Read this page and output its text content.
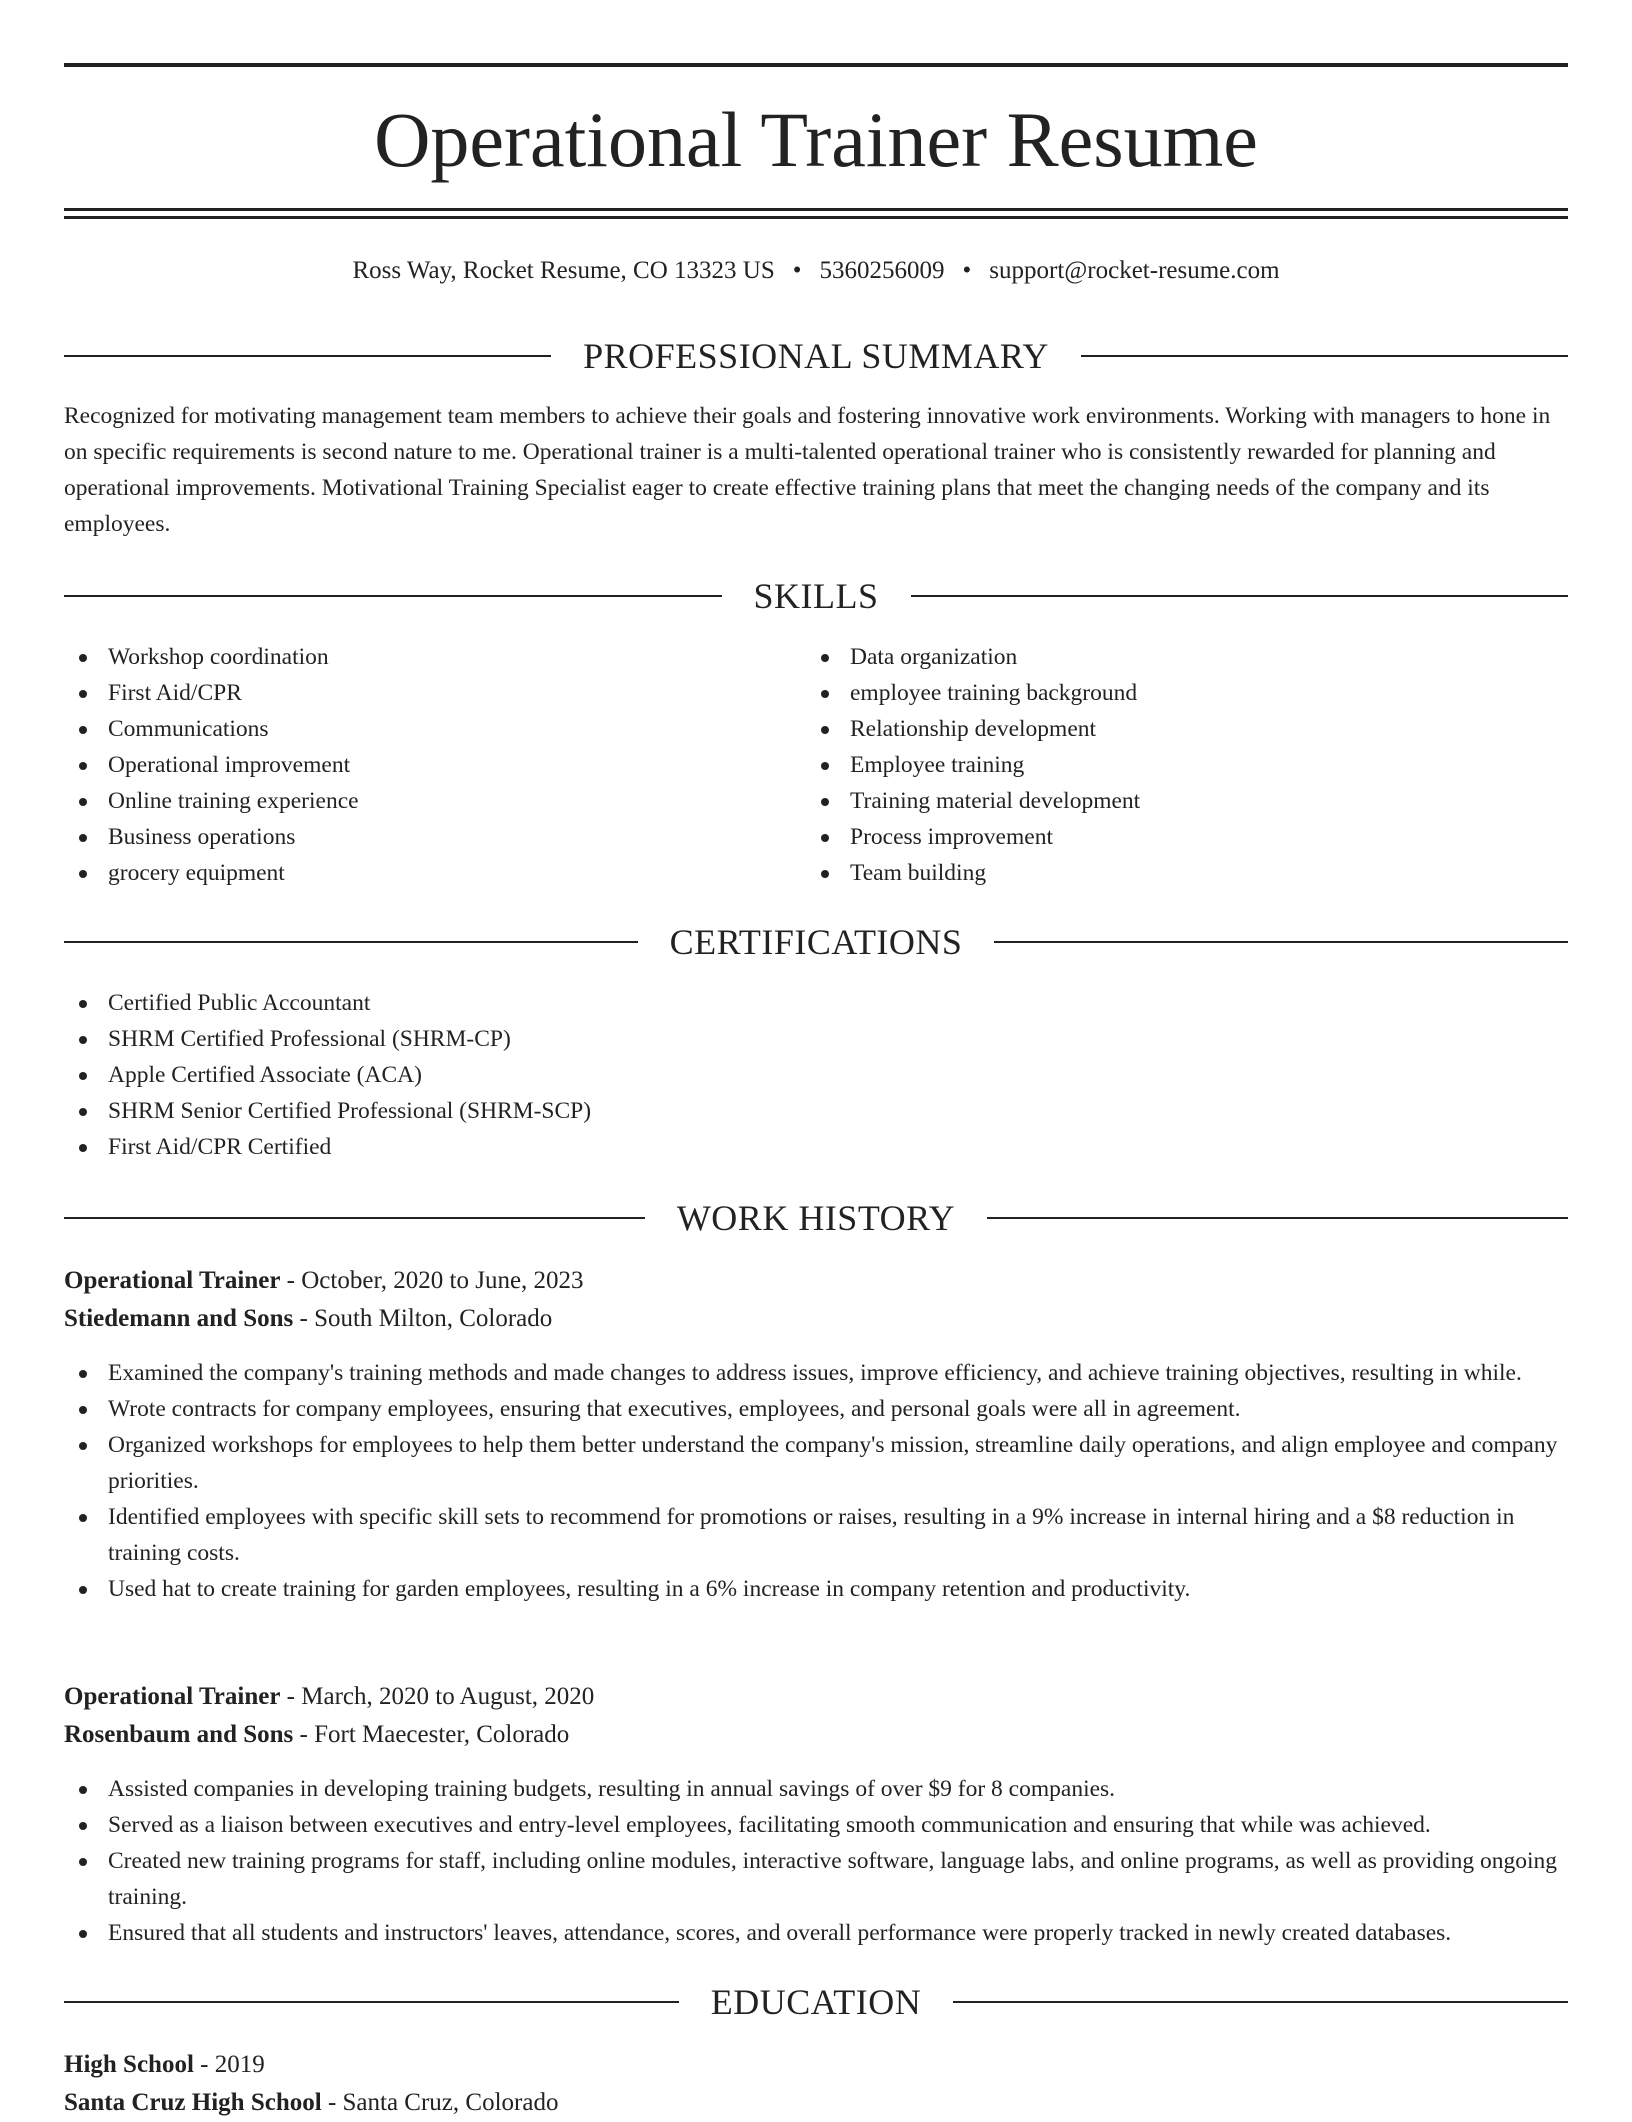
Operational Trainer Resume
Ross Way, Rocket Resume, CO 13323 US • 5360256009 • support@rocket-resume.com
PROFESSIONAL SUMMARY

Recognized for motivating management team members to achieve their goals and fostering innovative work environments. Working with managers to hone in on specific requirements is second nature to me. Operational trainer is a multi-talented operational trainer who is consistently rewarded for planning and operational improvements. Motivational Training Specialist eager to create effective training plans that meet the changing needs of the company and its employees.

SKILLS
Workshop coordination
First Aid/CPR
Communications
Operational improvement
Online training experience
Business operations
grocery equipment
Data organization
employee training background
Relationship development
Employee training
Training material development
Process improvement
Team building
CERTIFICATIONS
Certified Public Accountant
SHRM Certified Professional (SHRM-CP)
Apple Certified Associate (ACA)
SHRM Senior Certified Professional (SHRM-SCP)
First Aid/CPR Certified
WORK HISTORY
Operational Trainer - October, 2020 to June, 2023
Stiedemann and Sons - South Milton, Colorado
Examined the company's training methods and made changes to address issues, improve efficiency, and achieve training objectives, resulting in while.
Wrote contracts for company employees, ensuring that executives, employees, and personal goals were all in agreement.
Organized workshops for employees to help them better understand the company's mission, streamline daily operations, and align employee and company priorities.
Identified employees with specific skill sets to recommend for promotions or raises, resulting in a 9% increase in internal hiring and a $8 reduction in training costs.
Used hat to create training for garden employees, resulting in a 6% increase in company retention and productivity.
Operational Trainer - March, 2020 to August, 2020
Rosenbaum and Sons - Fort Maecester, Colorado
Assisted companies in developing training budgets, resulting in annual savings of over $9 for 8 companies.
Served as a liaison between executives and entry-level employees, facilitating smooth communication and ensuring that while was achieved.
Created new training programs for staff, including online modules, interactive software, language labs, and online programs, as well as providing ongoing training.
Ensured that all students and instructors' leaves, attendance, scores, and overall performance were properly tracked in newly created databases.
EDUCATION
High School - 2019
Santa Cruz High School - Santa Cruz, Colorado
